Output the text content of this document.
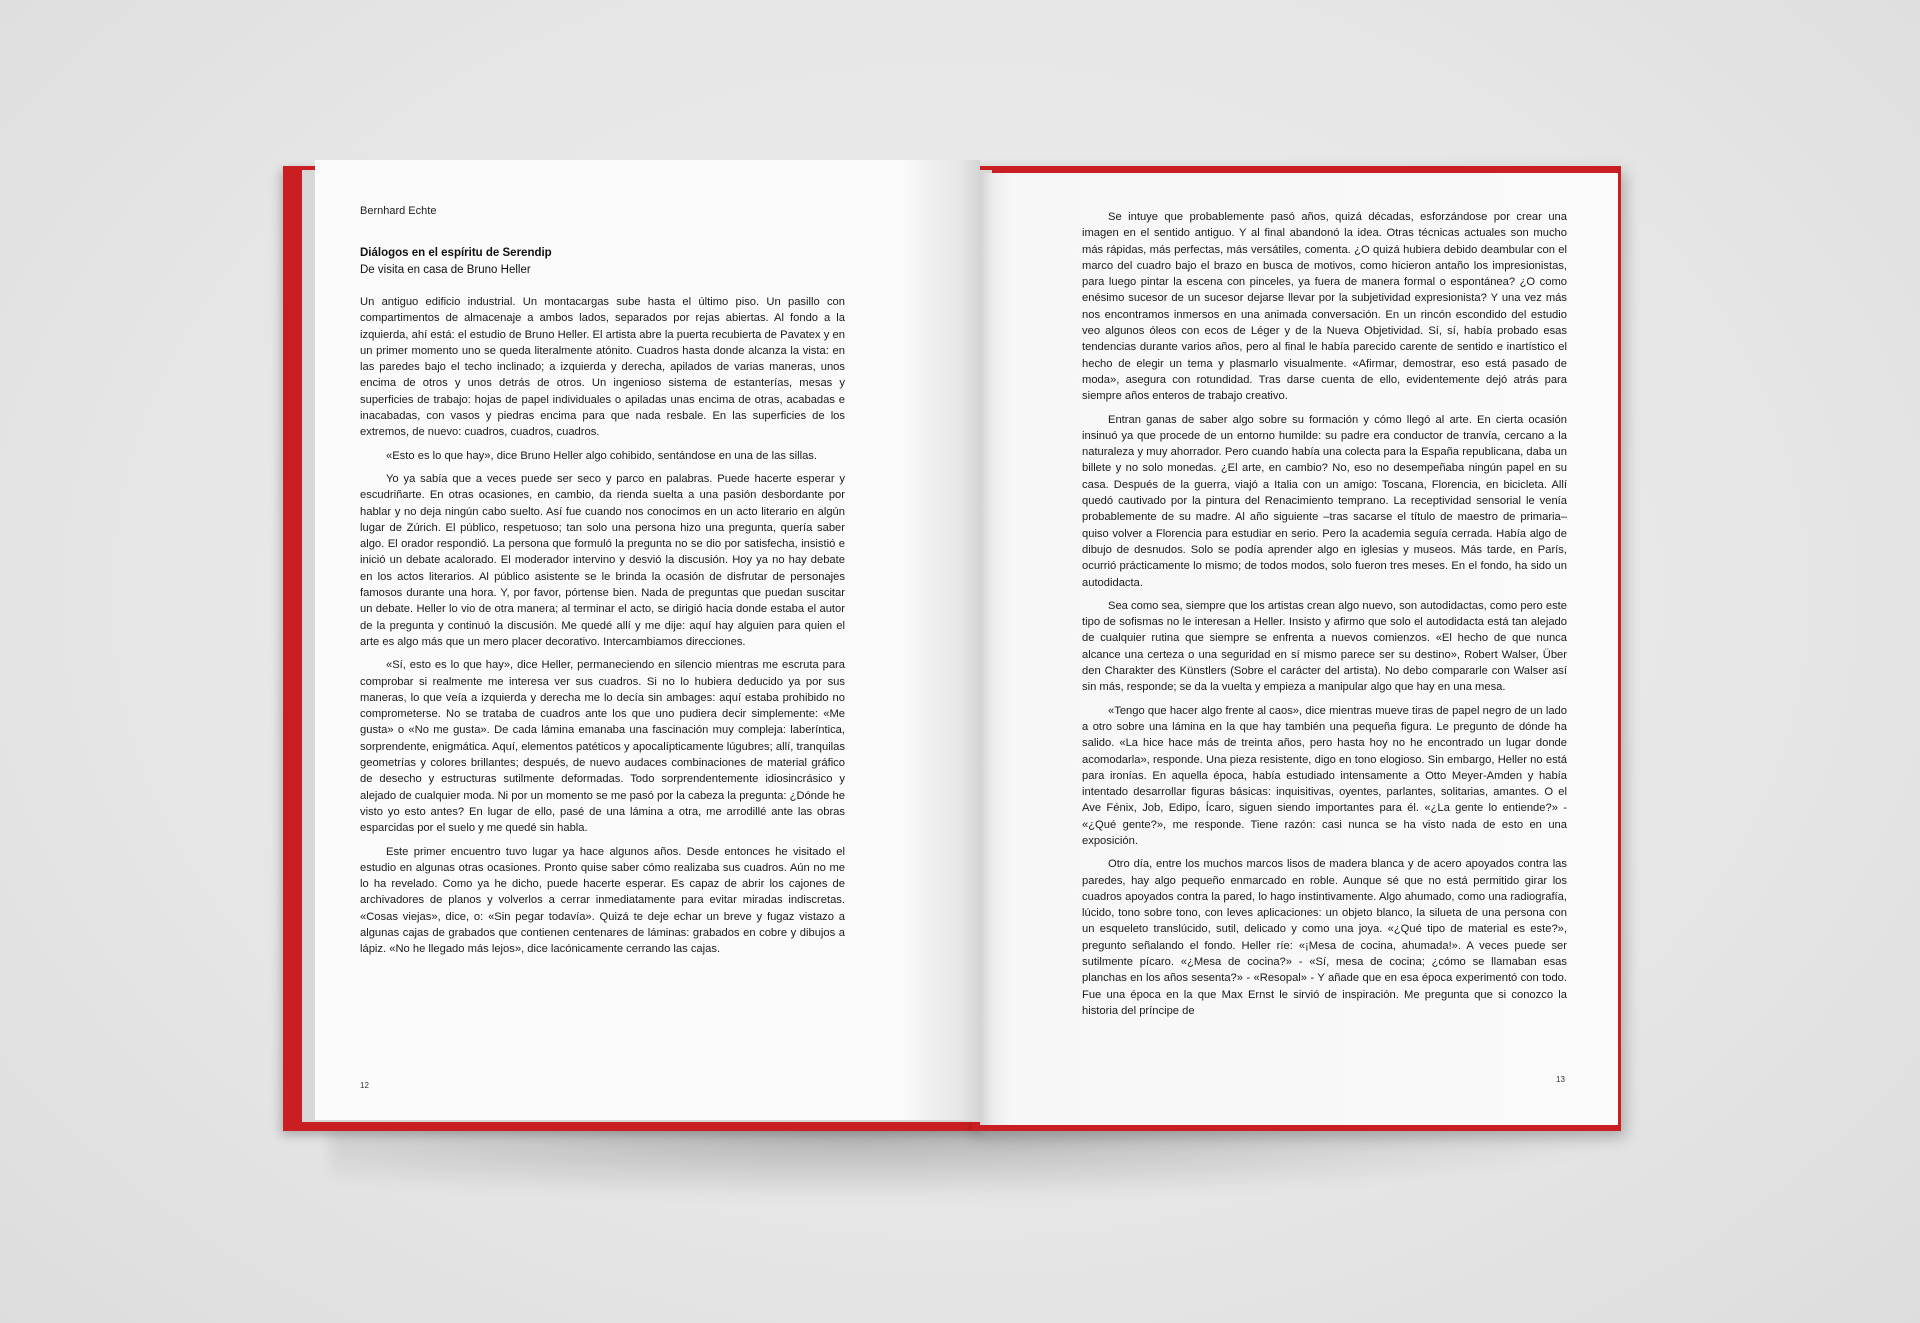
Bernhard Echte
Diálogos en el espíritu de Serendip
De visita en casa de Bruno Heller

Un antiguo edificio industrial. Un montacargas sube hasta el último piso. Un pasillo con compartimentos de almacenaje a ambos lados, separados por rejas abiertas. Al fondo a la izquierda, ahí está: el estudio de Bruno Heller. El artista abre la puerta recubierta de Pavatex y en un primer momento uno se queda literalmente atónito. Cuadros hasta donde alcanza la vista: en las paredes bajo el techo inclinado; a izquierda y derecha, apilados de varias maneras, unos encima de otros y unos detrás de otros. Un ingenioso sistema de estanterías, mesas y superficies de trabajo: hojas de papel individuales o apiladas unas encima de otras, acabadas e inacabadas, con vasos y piedras encima para que nada resbale. En las superficies de los extremos, de nuevo: cuadros, cuadros, cuadros.

«Esto es lo que hay», dice Bruno Heller algo cohibido, sentándose en una de las sillas.

Yo ya sabía que a veces puede ser seco y parco en palabras. Puede hacerte esperar y escudriñarte. En otras ocasiones, en cambio, da rienda suelta a una pasión desbordante por hablar y no deja ningún cabo suelto. Así fue cuando nos conocimos en un acto literario en algún lugar de Zúrich. El público, respetuoso; tan solo una persona hizo una pregunta, quería saber algo. El orador respondió. La persona que formuló la pregunta no se dio por satisfecha, insistió e inició un debate acalorado. El moderador intervino y desvió la discusión. Hoy ya no hay debate en los actos literarios. Al público asistente se le brinda la ocasión de disfrutar de personajes famosos durante una hora. Y, por favor, pórtense bien. Nada de preguntas que puedan suscitar un debate. Heller lo vio de otra manera; al terminar el acto, se dirigió hacia donde estaba el autor de la pregunta y continuó la discusión. Me quedé allí y me dije: aquí hay alguien para quien el arte es algo más que un mero placer decorativo. Intercambiamos direcciones.

«Sí, esto es lo que hay», dice Heller, permaneciendo en silencio mientras me escruta para comprobar si realmente me interesa ver sus cuadros. Si no lo hubiera deducido ya por sus maneras, lo que veía a izquierda y derecha me lo decía sin ambages: aquí estaba prohibido no comprometerse. No se trataba de cuadros ante los que uno pudiera decir simplemente: «Me gusta» o «No me gusta». De cada lámina emanaba una fascinación muy compleja: laberíntica, sorprendente, enigmática. Aquí, elementos patéticos y apocalípticamente lúgubres; allí, tranquilas geometrías y colores brillantes; después, de nuevo audaces combinaciones de material gráfico de desecho y estructuras sutilmente deformadas. Todo sorprendentemente idiosincrásico y alejado de cualquier moda. Ni por un momento se me pasó por la cabeza la pregunta: ¿Dónde he visto yo esto antes? En lugar de ello, pasé de una lámina a otra, me arrodillé ante las obras esparcidas por el suelo y me quedé sin habla.

Este primer encuentro tuvo lugar ya hace algunos años. Desde entonces he visitado el estudio en algunas otras ocasiones. Pronto quise saber cómo realizaba sus cuadros. Aún no me lo ha revelado. Como ya he dicho, puede hacerte esperar. Es capaz de abrir los cajones de archivadores de planos y volverlos a cerrar inmediatamente para evitar miradas indiscretas. «Cosas viejas», dice, o: «Sin pegar todavía». Quizá te deje echar un breve y fugaz vistazo a algunas cajas de grabados que contienen centenares de láminas: grabados en cobre y dibujos a lápiz. «No he llegado más lejos», dice lacónicamente cerrando las cajas.

Se intuye que probablemente pasó años, quizá décadas, esforzándose por crear una imagen en el sentido antiguo. Y al final abandonó la idea. Otras técnicas actuales son mucho más rápidas, más perfectas, más versátiles, comenta. ¿O quizá hubiera debido deambular con el marco del cuadro bajo el brazo en busca de motivos, como hicieron antaño los impresionistas, para luego pintar la escena con pinceles, ya fuera de manera formal o espontánea? ¿O como enésimo sucesor de un sucesor dejarse llevar por la subjetividad expresionista? Y una vez más nos encontramos inmersos en una animada conversación. En un rincón escondido del estudio veo algunos óleos con ecos de Léger y de la Nueva Objetividad. Sí, sí, había probado esas tendencias durante varios años, pero al final le había parecido carente de sentido e inartístico el hecho de elegir un tema y plasmarlo visualmente. «Afirmar, demostrar, eso está pasado de moda», asegura con rotundidad. Tras darse cuenta de ello, evidentemente dejó atrás para siempre años enteros de trabajo creativo.

Entran ganas de saber algo sobre su formación y cómo llegó al arte. En cierta ocasión insinuó ya que procede de un entorno humilde: su padre era conductor de tranvía, cercano a la naturaleza y muy ahorrador. Pero cuando había una colecta para la España republicana, daba un billete y no solo monedas. ¿El arte, en cambio? No, eso no desempeñaba ningún papel en su casa. Después de la guerra, viajó a Italia con un amigo: Toscana, Florencia, en bicicleta. Allí quedó cautivado por la pintura del Renacimiento temprano. La receptividad sensorial le venía probablemente de su madre. Al año siguiente –tras sacarse el título de maestro de primaria– quiso volver a Florencia para estudiar en serio. Pero la academia seguía cerrada. Había algo de dibujo de desnudos. Solo se podía aprender algo en iglesias y museos. Más tarde, en París, ocurrió prácticamente lo mismo; de todos modos, solo fueron tres meses. En el fondo, ha sido un autodidacta.

Sea como sea, siempre que los artistas crean algo nuevo, son autodidactas, como pero este tipo de sofismas no le interesan a Heller. Insisto y afirmo que solo el autodidacta está tan alejado de cualquier rutina que siempre se enfrenta a nuevos comienzos. «El hecho de que nunca alcance una certeza o una seguridad en sí mismo parece ser su destino», Robert Walser, Über den Charakter des Künstlers (Sobre el carácter del artista). No debo compararle con Walser así sin más, responde; se da la vuelta y empieza a manipular algo que hay en una mesa.

«Tengo que hacer algo frente al caos», dice mientras mueve tiras de papel negro de un lado a otro sobre una lámina en la que hay también una pequeña figura. Le pregunto de dónde ha salido. «La hice hace más de treinta años, pero hasta hoy no he encontrado un lugar donde acomodarla», responde. Una pieza resistente, digo en tono elogioso. Sin embargo, Heller no está para ironías. En aquella época, había estudiado intensamente a Otto Meyer-Amden y había intentado desarrollar figuras básicas: inquisitivas, oyentes, parlantes, solitarias, amantes. O el Ave Fénix, Job, Edipo, Ícaro, siguen siendo importantes para él. «¿La gente lo entiende?» - «¿Qué gente?», me responde. Tiene razón: casi nunca se ha visto nada de esto en una exposición.

Otro día, entre los muchos marcos lisos de madera blanca y de acero apoyados contra las paredes, hay algo pequeño enmarcado en roble. Aunque sé que no está permitido girar los cuadros apoyados contra la pared, lo hago instintivamente. Algo ahumado, como una radiografía, lúcido, tono sobre tono, con leves aplicaciones: un objeto blanco, la silueta de una persona con un esqueleto translúcido, sutil, delicado y como una joya. «¿Qué tipo de material es este?», pregunto señalando el fondo. Heller ríe: «¡Mesa de cocina, ahumada!». A veces puede ser sutilmente pícaro. «¿Mesa de cocina?» - «Sí, mesa de cocina; ¿cómo se llamaban esas planchas en los años sesenta?» - «Resopal» - Y añade que en esa época experimentó con todo. Fue una época en la que Max Ernst le sirvió de inspiración. Me pregunta que si conozco la historia del príncipe de

12
13
